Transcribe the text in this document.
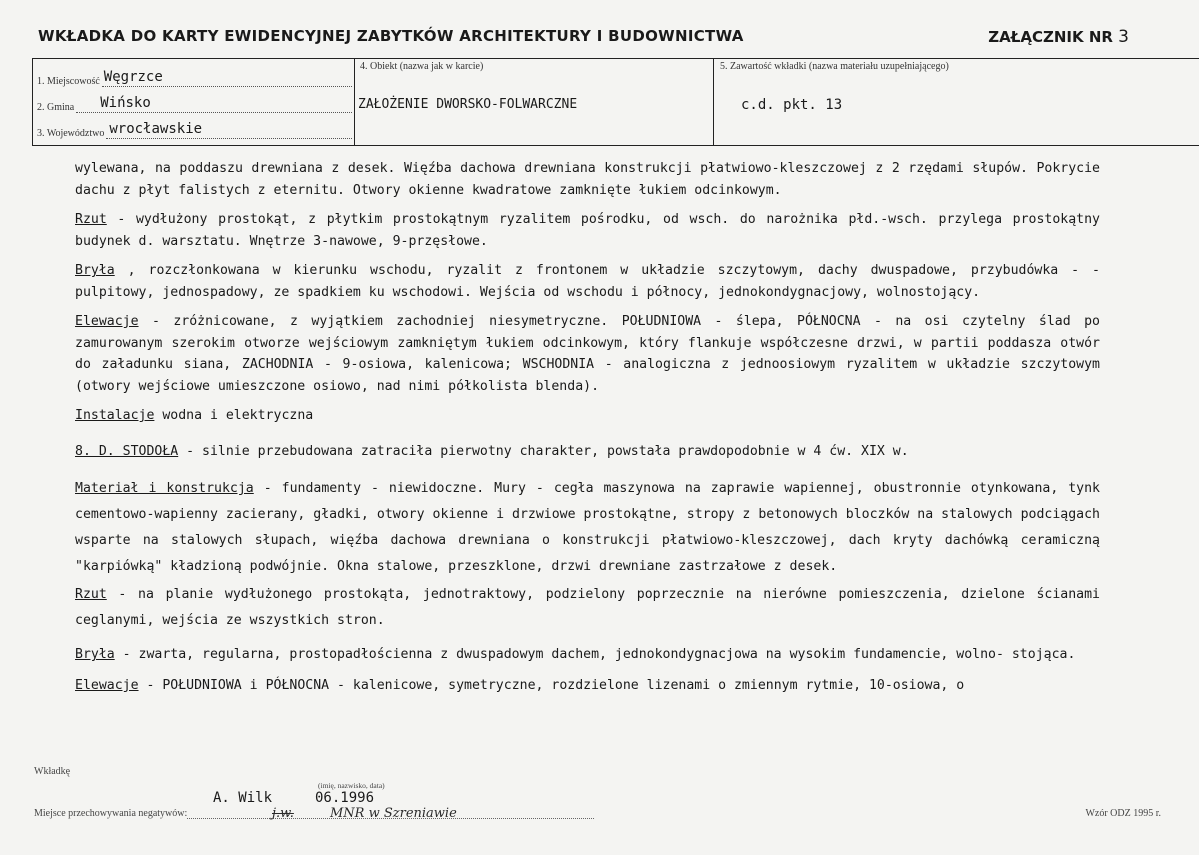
WKŁADKA DO KARTY EWIDENCYJNEJ ZABYTKÓW ARCHITEKTURY I BUDOWNICTWA	ZAŁĄCZNIK NR 3
1. Miejscowość Węgrzce
2. Gmina Wińsko
3. Województwo wrocławskie
4. Obiekt (nazwa jak w karcie)
ZAŁOŻENIE DWORSKO-FOLWARCZNE
5. Zawartość wkładki (nazwa materiału uzupełniającego)
c.d. pkt. 13
wylewana, na poddaszu drewniana z desek. Więźba dachowa drewniana konstrukcji płatwiowo-kleszczowej z 2 rzędami słupów. Pokrycie dachu z płyt falistych z eternitu. Otwory okienne kwadratowe zamknięte łukiem odcinkowym.
Rzut - wydłużony prostokąt, z płytkim prostokątnym ryzalitem pośrodku, od wsch. do narożnika płd.-wsch. przylega prostokątny budynek d. warsztatu. Wnętrze 3-nawowe, 9-przęsłowe.
Bryła , rozczłonkowana w kierunku wschodu, ryzalit z frontonem w układzie szczytowym, dachy dwuspadowe, przybudówka - - pulpitowy, jednospadowy, ze spadkiem ku wschodowi. Wejścia od wschodu i północy, jednokondygnacjowy, wolnostojący.
Elewacje - zróżnicowane, z wyjątkiem zachodniej niesymetryczne. POŁUDNIOWA - ślepa, PÓŁNOCNA - na osi czytelny ślad po zamurowanym szerokim otworze wejściowym zamkniętym łukiem odcinkowym, który flankuje współczesne drzwi, w partii poddasza otwór do załadunku siana, ZACHODNIA - 9-osiowa, kalenicowa; WSCHODNIA - analogiczna z jednoosiowym ryzalitem w układzie szczytowym (otwory wejściowe umieszczone osiowo, nad nimi półkolista blenda).
Instalacje wodna i elektryczna
8. D. STODOŁA - silnie przebudowana zatraciła pierwotny charakter, powstała prawdopodobnie w 4 ćw. XIX w.
Materiał i konstrukcja - fundamenty - niewidoczne. Mury - cegła maszynowa na zaprawie wapiennej, obustronnie otynkowana, tynk cementowo-wapienny zacierany, gładki, otwory okienne i drzwiowe prostokątne, stropy z betonowych bloczków na stalowych podciągach wsparte na stalowych słupach, więźba dachowa drewniana o konstrukcji płatwiowo-kleszczowej, dach kryty dachówką ceramiczną "karpiówką" kładzioną podwójnie. Okna stalowe, przeszklone, drzwi drewniane zastrzałowe z desek.
Rzut - na planie wydłużonego prostokąta, jednotraktowy, podzielony poprzecznie na nierówne pomieszczenia, dzielone ścianami ceglanymi, wejścia ze wszystkich stron.
Bryła - zwarta, regularna, prostopadłościenna z dwuspadowym dachem, jednokondygnacjowa na wysokim fundamencie, wolno- stojąca.
Elewacje - POŁUDNIOWA i PÓŁNOCNA - kalenicowe, symetryczne, rozdzielone lizenami o zmiennym rytmie, 10-osiowa, o
Wkładkę
(imię, nazwisko, data)
A. Wilk	06.1996
Miejsce przechowywania negatywów:	j.w.	MNR w Szreniawie	Wzór ODZ 1995 r.
